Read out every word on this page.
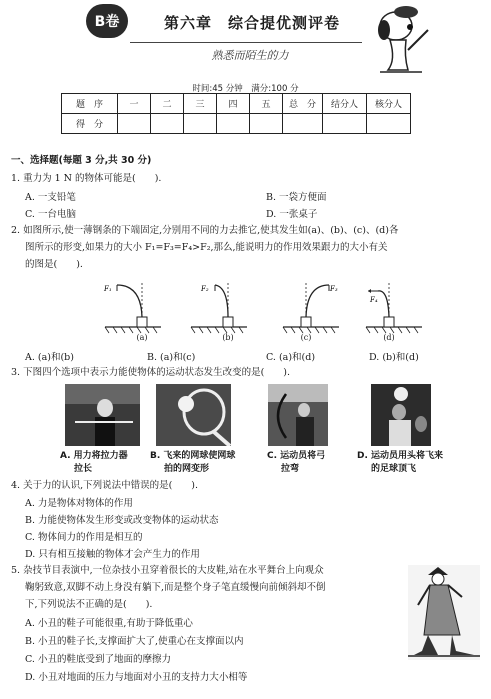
B卷	第六章　综合提优测评卷
熟悉而陌生的力
时间:45 分钟　满分:100 分
题　序	一	二	三	四	五	总　分	结分人	核分人
得　分								
一、选择题(每题 3 分,共 30 分)
1. 重力为 1 N 的物体可能是(　　).
A. 一支铅笔	B. 一袋方便面
C. 一台电脑	D. 一张桌子
2. 如图所示,使一薄钢条的下端固定,分别用不同的力去推它,使其发生如(a)、(b)、(c)、(d)各
图所示的形变,如果力的大小 F₁=F₃=F₄>F₂,那么,能说明力的作用效果跟力的大小有关
的图是(　　).
F₁	F₂	F₃
F₄
(a)	(b)	(c)	(d)
A. (a)和(b)	B. (a)和(c)	C. (a)和(d)	D. (b)和(d)
3. 下图四个选项中表示力能使物体的运动状态发生改变的是(　　).
A. 用力将拉力器
拉长
B. 飞来的网球使网球
拍的网变形
C. 运动员将弓
拉弯
D. 运动员用头将飞来
的足球顶飞
4. 关于力的认识,下列说法中错误的是(　　).
A. 力是物体对物体的作用
B. 力能使物体发生形变或改变物体的运动状态
C. 物体间力的作用是相互的
D. 只有相互接触的物体才会产生力的作用
5. 杂技节目表演中,一位杂技小丑穿着很长的大皮鞋,站在水平舞台上向观众
鞠躬致意,双脚不动上身没有躺下,而是整个身子笔直缓慢向前倾斜却不倒
下,下列说法不正确的是(　　).
A. 小丑的鞋子可能很重,有助于降低重心
B. 小丑的鞋子长,支撑面扩大了,使重心在支撑面以内
C. 小丑的鞋底受到了地面的摩擦力
D. 小丑对地面的压力与地面对小丑的支持力大小相等
